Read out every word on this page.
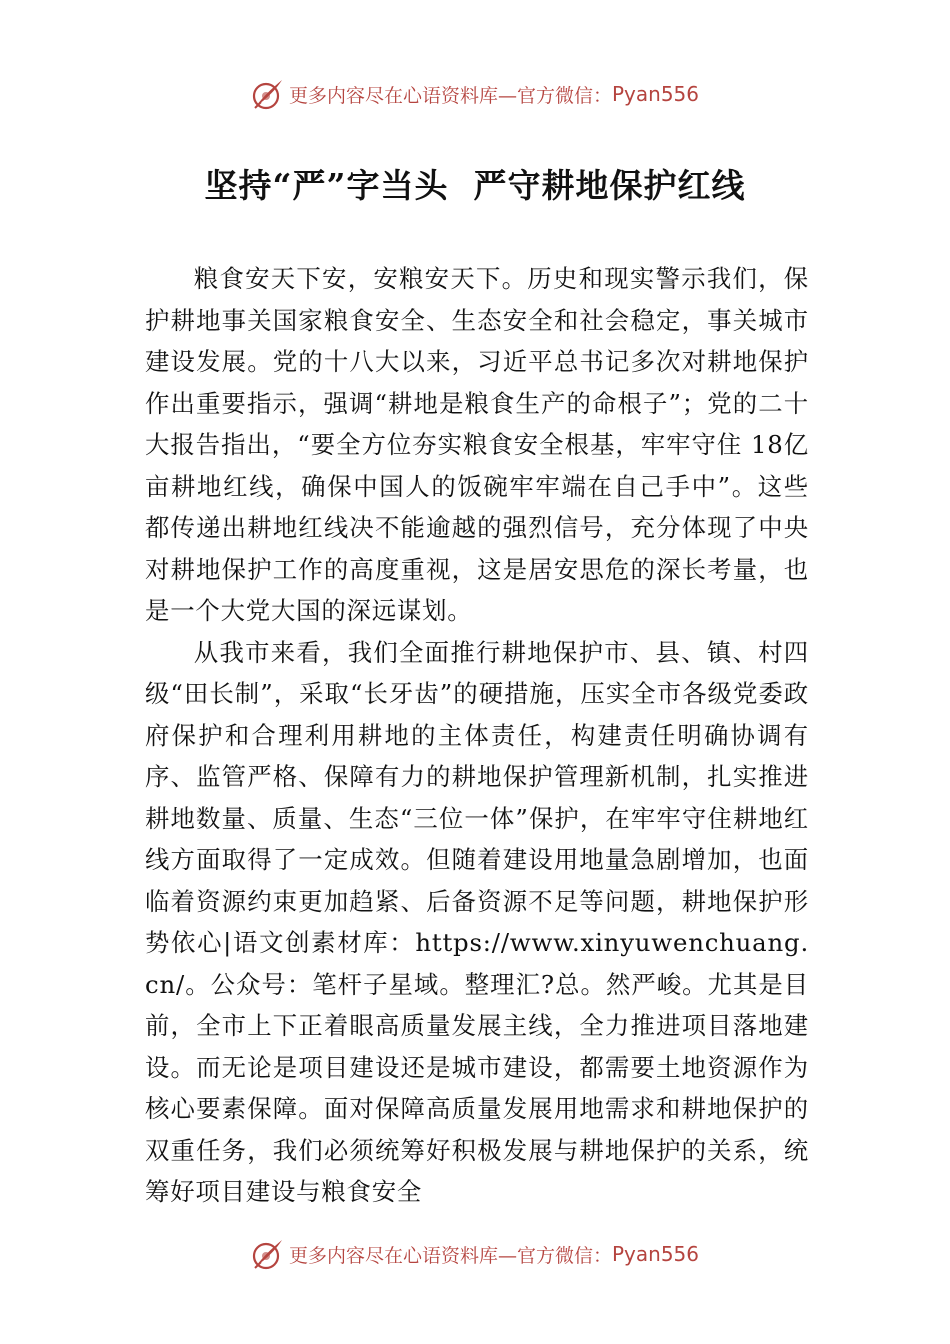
更多内容尽在心语资料库—官方微信： Pyan556
坚持“严”字当头  严守耕地保护红线

粮食安天下安，安粮安天下。历史和现实警示我们，保护耕地事关国家粮食安全、生态安全和社会稳定，事关城市建设发展。党的十八大以来，习近平总书记多次对耕地保护作出重要指示，强调“耕地是粮食生产的命根子”；党的二十大报告指出，“要全方位夯实粮食安全根基，牢牢守住 18亿亩耕地红线，确保中国人的饭碗牢牢端在自己手中”。这些都传递出耕地红线决不能逾越的强烈信号，充分体现了中央对耕地保护工作的高度重视，这是居安思危的深长考量，也是一个大党大国的深远谋划。

从我市来看，我们全面推行耕地保护市、县、镇、村四级“田长制”，采取“长牙齿”的硬措施，压实全市各级党委政府保护和合理利用耕地的主体责任，构建责任明确协调有序、监管严格、保障有力的耕地保护管理新机制，扎实推进耕地数量、质量、生态“三位一体”保护，在牢牢守住耕地红线方面取得了一定成效。但随着建设用地量急剧增加，也面临着资源约束更加趋紧、后备资源不足等问题，耕地保护形势依心|语文创素材库：https://www.xinyuwenchuang.cn/。公众号：笔杆子星域。整理汇?总。然严峻。尤其是目前，全市上下正着眼高质量发展主线，全力推进项目落地建设。而无论是项目建设还是城市建设，都需要土地资源作为核心要素保障。面对保障高质量发展用地需求和耕地保护的双重任务，我们必须统筹好积极发展与耕地保护的关系，统筹好项目建设与粮食安全

更多内容尽在心语资料库—官方微信： Pyan556
